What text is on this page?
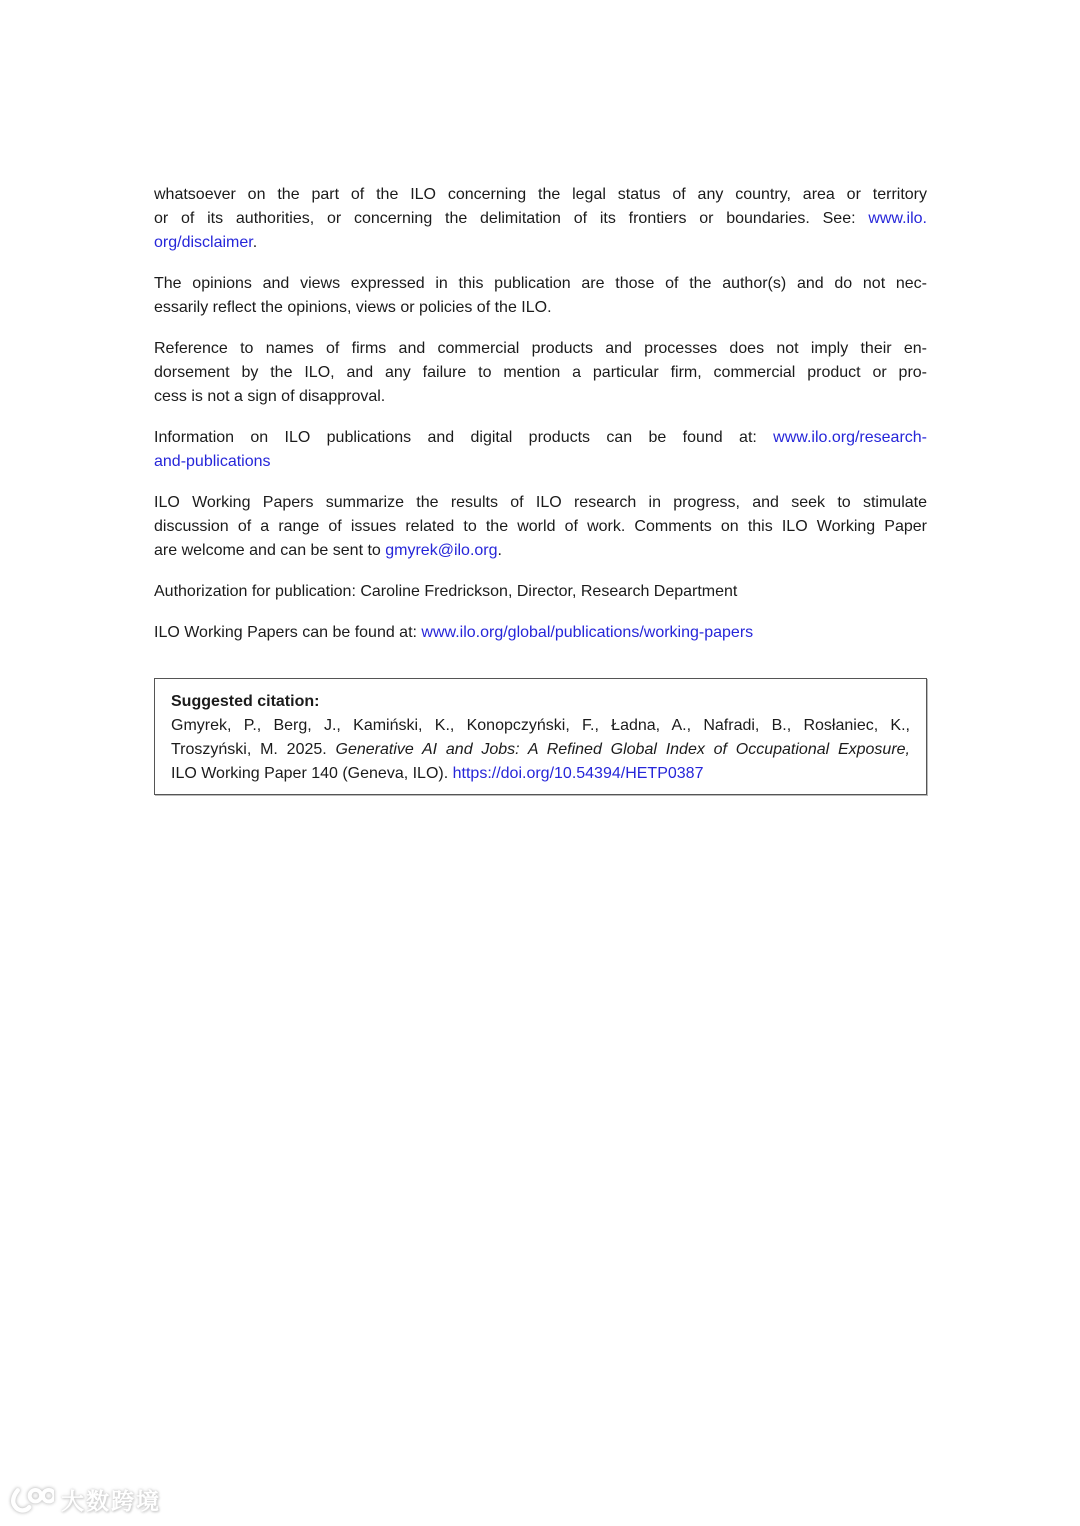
whatsoever on the part of the ILO concerning the legal status of any country, area or territory
or of its authorities, or concerning the delimitation of its frontiers or boundaries. See: www.ilo.
org/disclaimer.
The opinions and views expressed in this publication are those of the author(s) and do not nec-
essarily reflect the opinions, views or policies of the ILO.
Reference to names of firms and commercial products and processes does not imply their en-
dorsement by the ILO, and any failure to mention a particular firm, commercial product or pro-
cess is not a sign of disapproval.
Information on ILO publications and digital products can be found at: www.ilo.org/research-
and-publications
ILO Working Papers summarize the results of ILO research in progress, and seek to stimulate
discussion of a range of issues related to the world of work. Comments on this ILO Working Paper
are welcome and can be sent to gmyrek@ilo.org.
Authorization for publication: Caroline Fredrickson, Director, Research Department
ILO Working Papers can be found at: www.ilo.org/global/publications/working-papers
Suggested citation:
Gmyrek, P., Berg, J., Kamiński, K., Konopczyński, F., Ładna, A., Nafradi, B., Rosłaniec, K.,
Troszyński, M. 2025. Generative AI and Jobs: A Refined Global Index of Occupational Exposure,
ILO Working Paper 140 (Geneva, ILO). https://doi.org/10.54394/HETP0387
大数跨境
